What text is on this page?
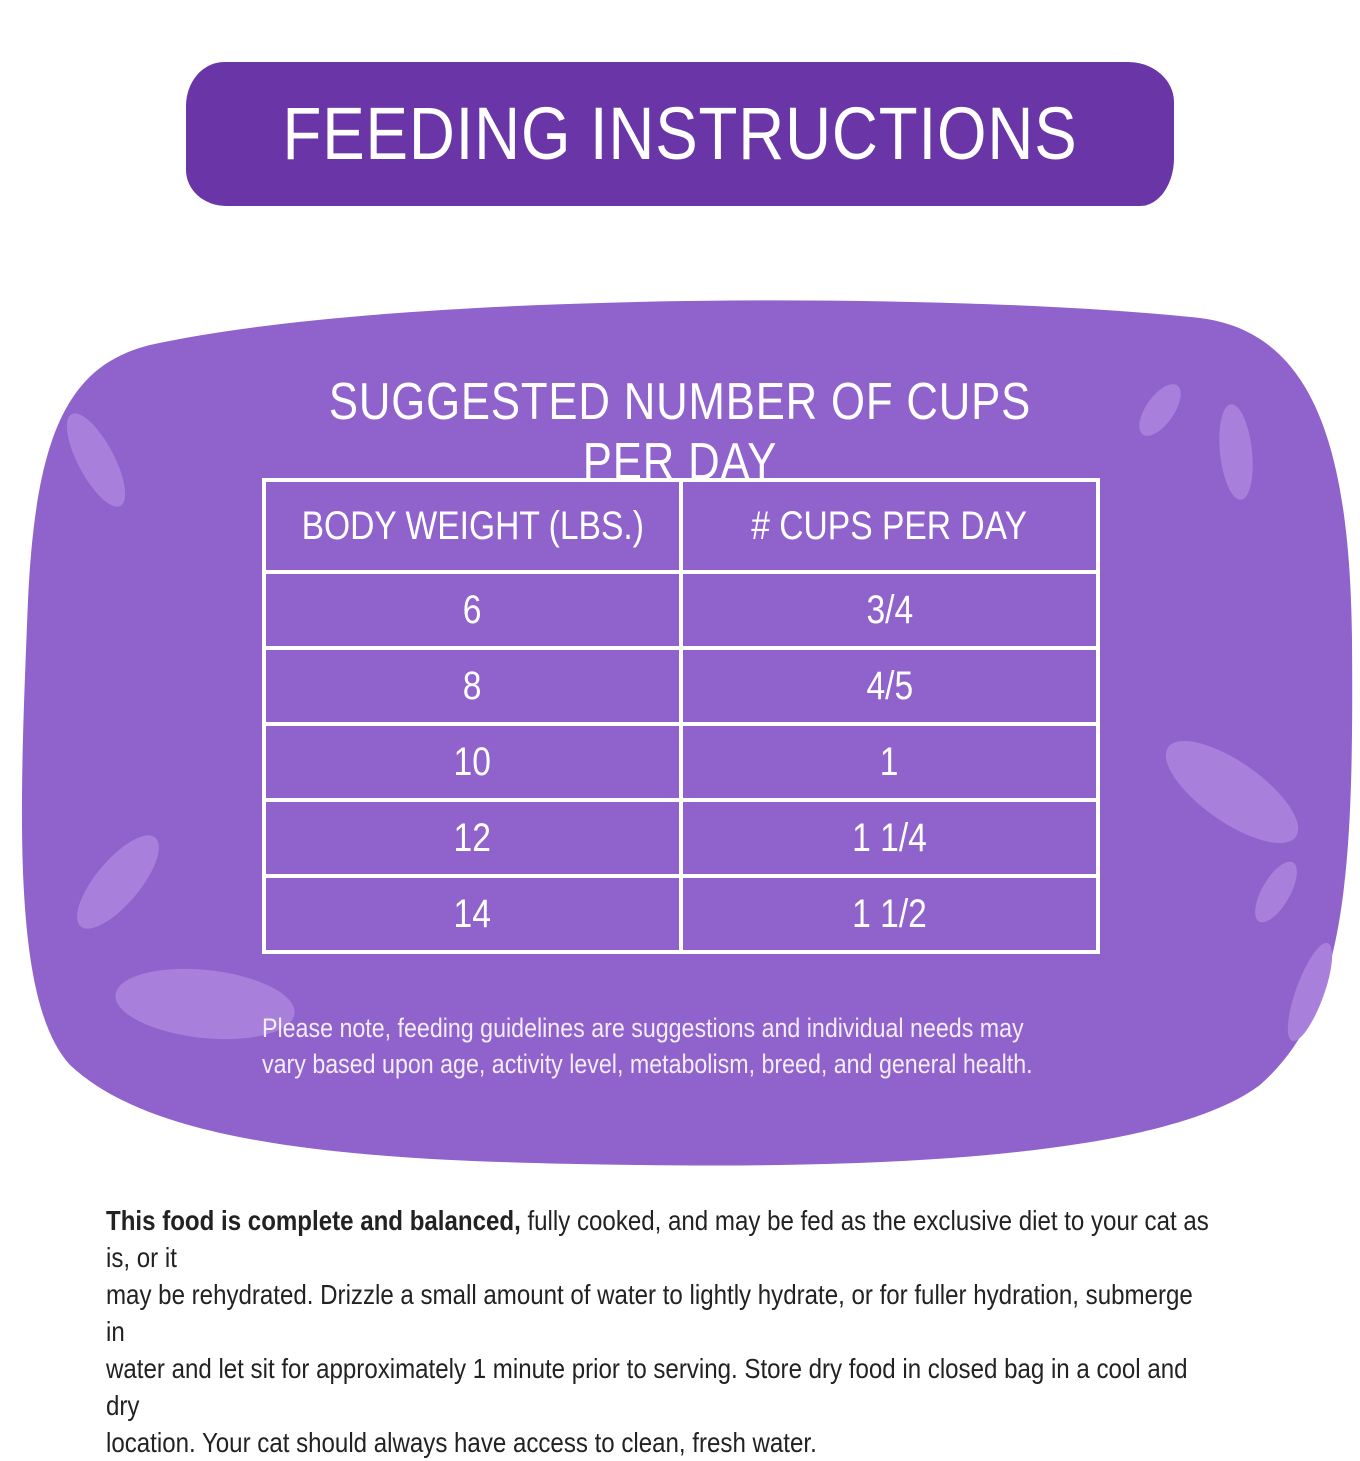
FEEDING INSTRUCTIONS
SUGGESTED NUMBER OF CUPS PER DAY
BODY WEIGHT (LBS.)	# CUPS PER DAY
6	3/4
8	4/5
10	1
12	1 1/4
14	1 1/2
Please note, feeding guidelines are suggestions and individual needs may
vary based upon age, activity level, metabolism, breed, and general health.
This food is complete and balanced, fully cooked, and may be fed as the exclusive diet to your cat as is, or it
may be rehydrated. Drizzle a small amount of water to lightly hydrate, or for fuller hydration, submerge in
water and let sit for approximately 1 minute prior to serving. Store dry food in closed bag in a cool and dry
location. Your cat should always have access to clean, fresh water.
